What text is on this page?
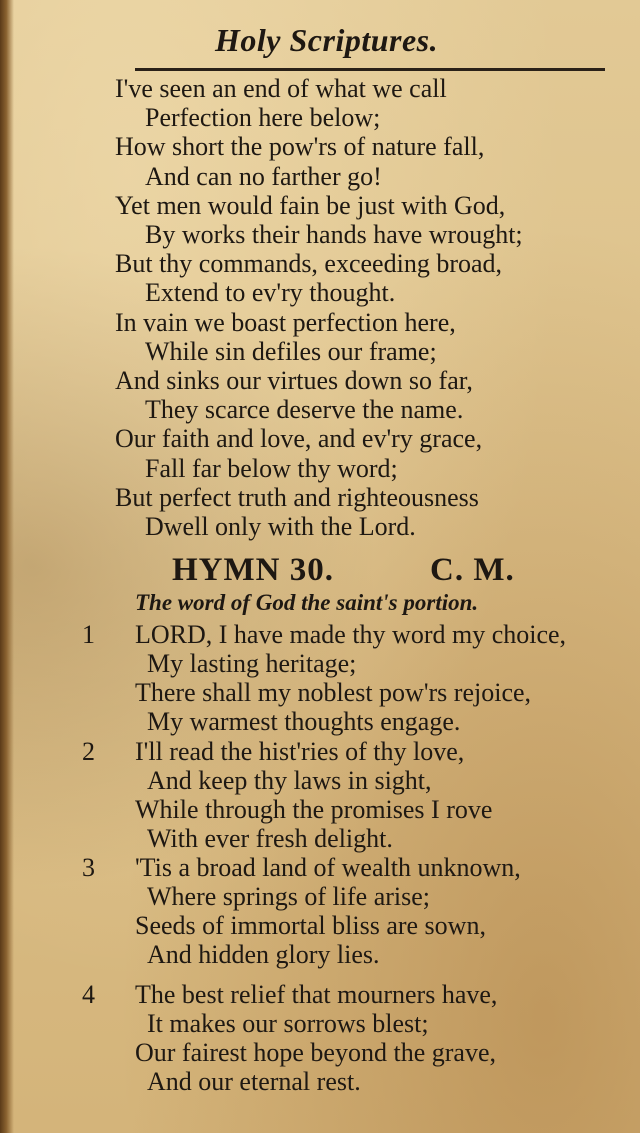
Holy Scriptures.
I've seen an end of what we call
Perfection here below;
How short the pow'rs of nature fall,
And can no farther go!
Yet men would fain be just with God,
By works their hands have wrought;
But thy commands, exceeding broad,
Extend to ev'ry thought.
In vain we boast perfection here,
While sin defiles our frame;
And sinks our virtues down so far,
They scarce deserve the name.
Our faith and love, and ev'ry grace,
Fall far below thy word;
But perfect truth and righteousness
Dwell only with the Lord.
HYMN 30.	C. M.
The word of God the saint's portion.
1	LORD, I have made thy word my choice,
My lasting heritage;
There shall my noblest pow'rs rejoice,
My warmest thoughts engage.
2	I'll read the hist'ries of thy love,
And keep thy laws in sight,
While through the promises I rove
With ever fresh delight.
3	'Tis a broad land of wealth unknown,
Where springs of life arise;
Seeds of immortal bliss are sown,
And hidden glory lies.
4	The best relief that mourners have,
It makes our sorrows blest;
Our fairest hope beyond the grave,
And our eternal rest.
